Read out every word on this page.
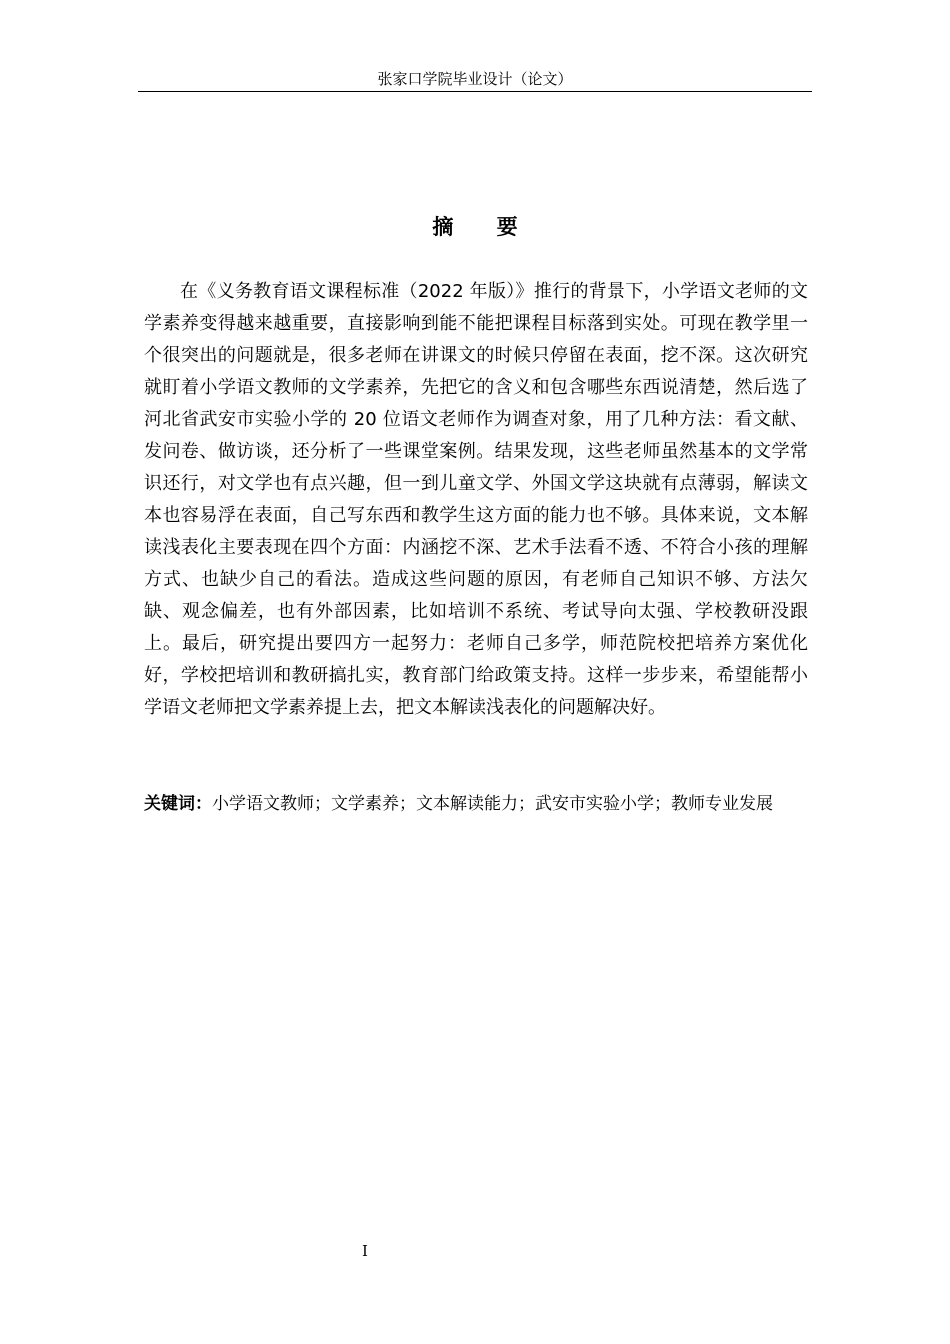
张家口学院毕业设计（论文）
摘 要

在《义务教育语文课程标准（2022 年版）》推行的背景下，小学语文老师的文学素养变得越来越重要，直接影响到能不能把课程目标落到实处。可现在教学里一个很突出的问题就是，很多老师在讲课文的时候只停留在表面，挖不深。这次研究就盯着小学语文教师的文学素养，先把它的含义和包含哪些东西说清楚，然后选了河北省武安市实验小学的 20 位语文老师作为调查对象，用了几种方法：看文献、发问卷、做访谈，还分析了一些课堂案例。结果发现，这些老师虽然基本的文学常识还行，对文学也有点兴趣，但一到儿童文学、外国文学这块就有点薄弱，解读文本也容易浮在表面，自己写东西和教学生这方面的能力也不够。具体来说，文本解读浅表化主要表现在四个方面：内涵挖不深、艺术手法看不透、不符合小孩的理解方式、也缺少自己的看法。造成这些问题的原因，有老师自己知识不够、方法欠缺、观念偏差，也有外部因素，比如培训不系统、考试导向太强、学校教研没跟上。最后，研究提出要四方一起努力：老师自己多学，师范院校把培养方案优化好，学校把培训和教研搞扎实，教育部门给政策支持。这样一步步来，希望能帮小学语文老师把文学素养提上去，把文本解读浅表化的问题解决好。

关键词：小学语文教师；文学素养；文本解读能力；武安市实验小学；教师专业发展

I
